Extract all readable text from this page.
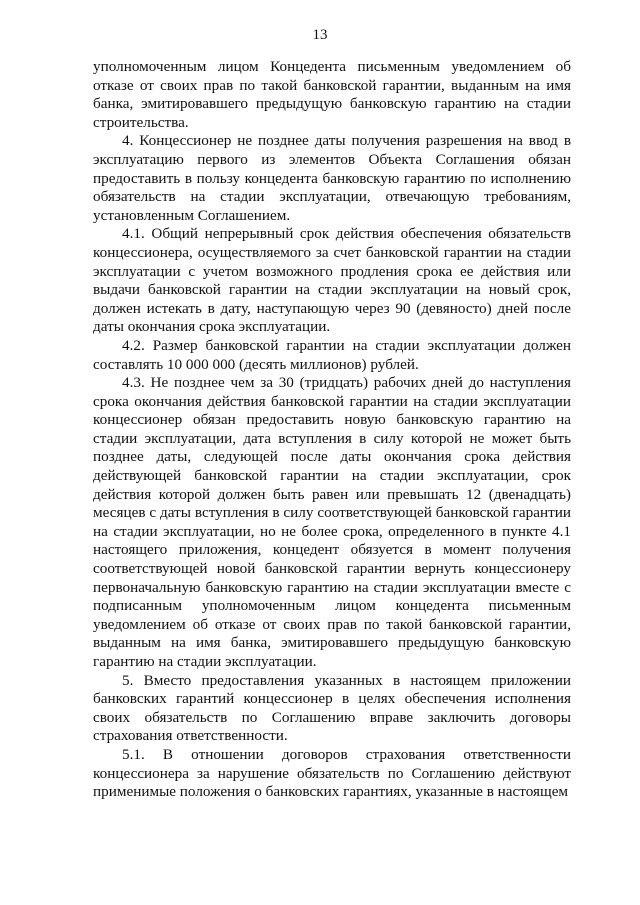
13

уполномоченным лицом Концедента письменным уведомлением об отказе от своих прав по такой банковской гарантии, выданным на имя банка, эмитировавшего предыдущую банковскую гарантию на стадии строительства.

4. Концессионер не позднее даты получения разрешения на ввод в эксплуатацию первого из элементов Объекта Соглашения обязан предоставить в пользу концедента банковскую гарантию по исполнению обязательств на стадии эксплуатации, отвечающую требованиям, установленным Соглашением.

4.1. Общий непрерывный срок действия обеспечения обязательств концессионера, осуществляемого за счет банковской гарантии на стадии эксплуатации с учетом возможного продления срока ее действия или выдачи банковской гарантии на стадии эксплуатации на новый срок, должен истекать в дату, наступающую через 90 (девяносто) дней после даты окончания срока эксплуатации.

4.2. Размер банковской гарантии на стадии эксплуатации должен составлять 10 000 000 (десять миллионов) рублей.

4.3. Не позднее чем за 30 (тридцать) рабочих дней до наступления срока окончания действия банковской гарантии на стадии эксплуатации концессионер обязан предоставить новую банковскую гарантию на стадии эксплуатации, дата вступления в силу которой не может быть позднее даты, следующей после даты окончания срока действия действующей банковской гарантии на стадии эксплуатации, срок действия которой должен быть равен или превышать 12 (двенадцать) месяцев с даты вступления в силу соответствующей банковской гарантии на стадии эксплуатации, но не более срока, определенного в пункте 4.1 настоящего приложения, концедент обязуется в момент получения соответствующей новой банковской гарантии вернуть концессионеру первоначальную банковскую гарантию на стадии эксплуатации вместе с подписанным уполномоченным лицом концедента письменным уведомлением об отказе от своих прав по такой банковской гарантии, выданным на имя банка, эмитировавшего предыдущую банковскую гарантию на стадии эксплуатации.

5. Вместо предоставления указанных в настоящем приложении банковских гарантий концессионер в целях обеспечения исполнения своих обязательств по Соглашению вправе заключить договоры страхования ответственности.

5.1. В отношении договоров страхования ответственности концессионера за нарушение обязательств по Соглашению действуют применимые положения о банковских гарантиях, указанные в настоящем
